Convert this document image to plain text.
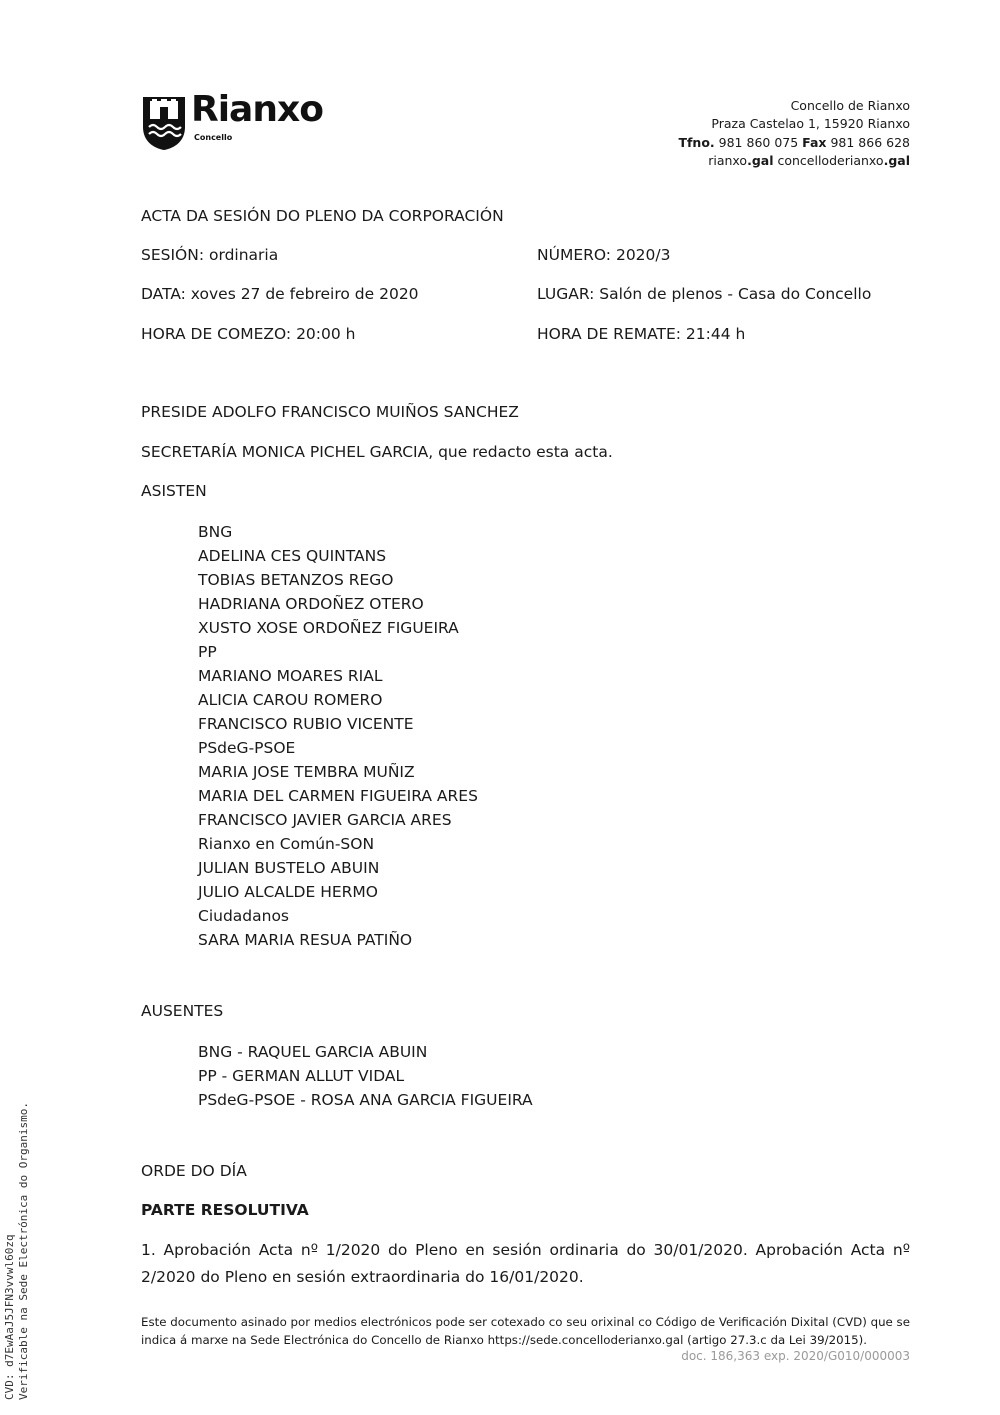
Rianxo
Concello
Concello de Rianxo
Praza Castelao 1, 15920 Rianxo
Tfno. 981 860 075 Fax 981 866 628
rianxo.gal concello​derianxo.gal
ACTA DA SESIÓN DO PLENO DA CORPORACIÓN
SESIÓN: ordinaria	NÚMERO: 2020/3
DATA: xoves 27 de febreiro de 2020	LUGAR: Salón de plenos - Casa do Concello
HORA DE COMEZO: 20:00 h	HORA DE REMATE: 21:44 h
PRESIDE ADOLFO FRANCISCO MUIÑOS SANCHEZ
SECRETARÍA MONICA PICHEL GARCIA, que redacto esta acta.
ASISTEN
BNG
ADELINA CES QUINTANS
TOBIAS BETANZOS REGO
HADRIANA ORDOÑEZ OTERO
XUSTO XOSE ORDOÑEZ FIGUEIRA
PP
MARIANO MOARES RIAL
ALICIA CAROU ROMERO
FRANCISCO RUBIO VICENTE
PSdeG-PSOE
MARIA JOSE TEMBRA MUÑIZ
MARIA DEL CARMEN FIGUEIRA ARES
FRANCISCO JAVIER GARCIA ARES
Rianxo en Común-SON
JULIAN BUSTELO ABUIN
JULIO ALCALDE HERMO
Ciudadanos
SARA MARIA RESUA PATIÑO
AUSENTES
BNG - RAQUEL GARCIA ABUIN
PP - GERMAN ALLUT VIDAL
PSdeG-PSOE - ROSA ANA GARCIA FIGUEIRA
ORDE DO DÍA
PARTE RESOLUTIVA
1. Aprobación Acta nº 1/2020 do Pleno en sesión ordinaria do 30/01/2020. Aprobación Acta nº 2/2020 do Pleno en sesión extraordinaria do 16/01/2020.
Este documento asinado por medios electrónicos pode ser cotexado co seu orixinal co Código de Verificación Dixital (CVD) que se indica á marxe na Sede Electrónica do Concello de Rianxo https://sede.concelloderianxo.gal (artigo 27.3.c da Lei 39/2015).
doc. 186,363 exp. 2020/G010/000003
CVD: d7EwAaJ5JFN3vvwl60zq Verificable na Sede Electrónica do Organismo.
